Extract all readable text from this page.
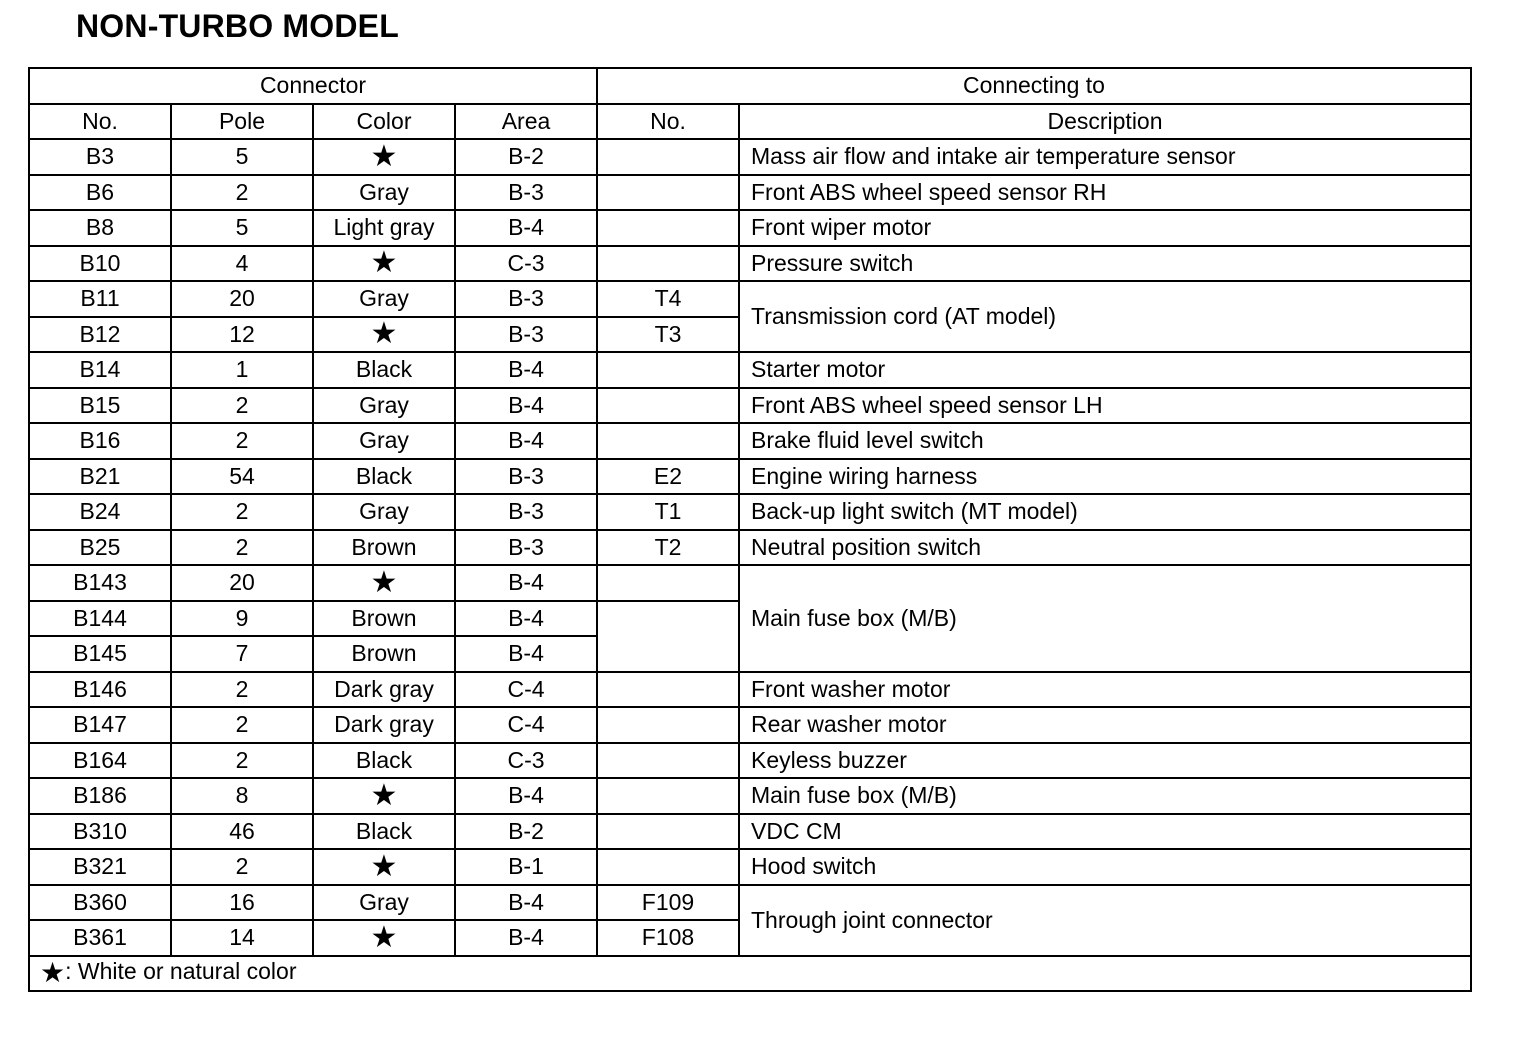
NON-TURBO MODEL
Connector				Connecting to	
No.	Pole	Color	Area	No.	Description
B3	5	★	B-2		Mass air flow and intake air temperature sensor
B6	2	Gray	B-3		Front ABS wheel speed sensor RH
B8	5	Light gray	B-4		Front wiper motor
B10	4	★	C-3		Pressure switch
B11	20	Gray	B-3	T4	Transmission cord (AT model)
B12	12	★	B-3	T3	
B14	1	Black	B-4		Starter motor
B15	2	Gray	B-4		Front ABS wheel speed sensor LH
B16	2	Gray	B-4		Brake fluid level switch
B21	54	Black	B-3	E2	Engine wiring harness
B24	2	Gray	B-3	T1	Back-up light switch (MT model)
B25	2	Brown	B-3	T2	Neutral position switch
B143	20	★	B-4		Main fuse box (M/B)
B144	9	Brown	B-4		
B145	7	Brown	B-4		
B146	2	Dark gray	C-4		Front washer motor
B147	2	Dark gray	C-4		Rear washer motor
B164	2	Black	C-3		Keyless buzzer
B186	8	★	B-4		Main fuse box (M/B)
B310	46	Black	B-2		VDC CM
B321	2	★	B-1		Hood switch
B360	16	Gray	B-4	F109	Through joint connector
B361	14	★	B-4	F108	
★: White or natural color					
